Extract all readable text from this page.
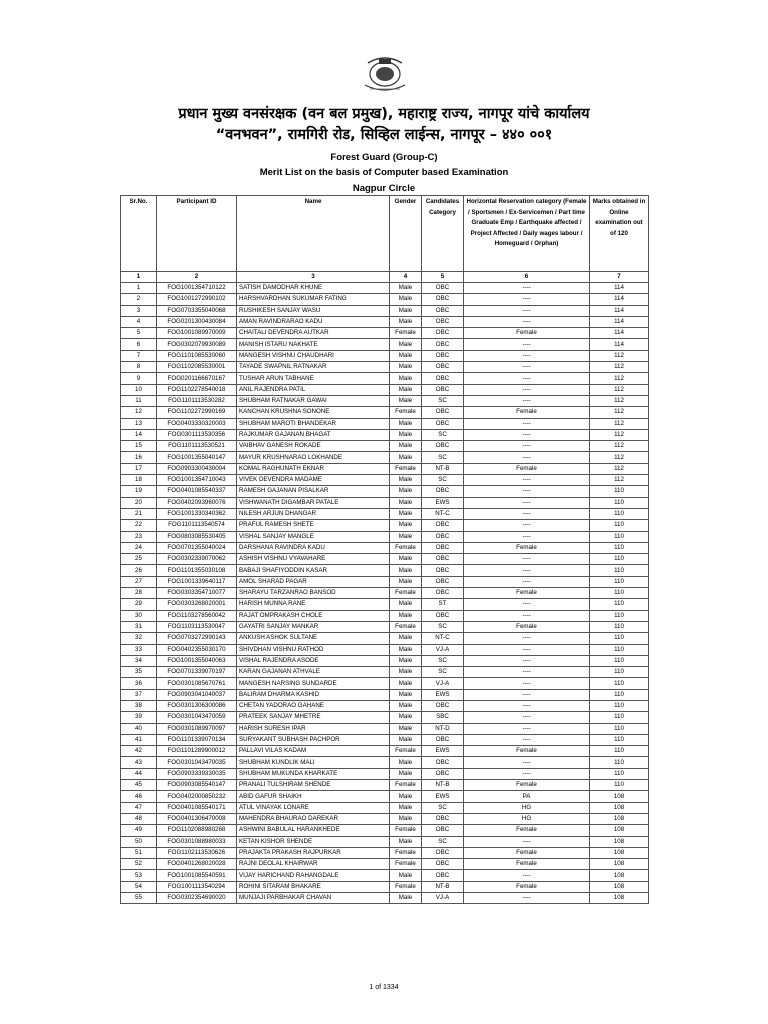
प्रधान मुख्य वनसंरक्षक (वन बल प्रमुख), महाराष्ट्र राज्य, नागपूर यांचे कार्यालय
“वनभवन”, रामगिरी रोड, सिव्हिल लाईन्स, नागपूर – ४४० ००१
Forest Guard (Group-C)
Merit List on the basis of Computer based Examination
Nagpur Circle
Sr.No.	Participant ID	Name	Gender	Candidates Category	Horizontal Reservation category (Female / Sportsmen / Ex-Servicemen / Part time Graduate Emp / Earthquake affected / Project Affected / Daily wages labour / Homeguard / Orphan)	Marks obtained in Online examination out of 120
1	2	3	4	5	6	7
1	FOG1001354710122	SATISH DAMODHAR KHUNE	Male	OBC	----	114
2	FOG1001272990102	HARSHVARDHAN SUKUMAR FATING	Male	OBC	----	114
3	FOG0703355040068	RUSHIKESH SANJAY WASU	Male	OBC	----	114
4	FOG0201300430084	AMAN RAVINDRARAO KADU	Male	OBC	----	114
5	FOG1001089970009	CHAITALI DEVENDRA AUTKAR	Female	OBC	Female	114
6	FOG0302079930089	MANISH ISTARU NAKHATE	Male	OBC	----	114
7	FOG1101085530060	MANGESH VISHNU CHAUDHARI	Male	OBC	----	112
8	FOG1102085530001	TAYADE SWAPNIL RATNAKAR	Male	OBC	----	112
9	FOG0201166670167	TUSHAR ARUN TABHANE	Male	OBC	----	112
10	FOG1102278540018	ANIL RAJENDRA PATIL	Male	OBC	----	112
11	FOG1101113530282	SHUBHAM RATNAKAR GAWAI	Male	SC	----	112
12	FOG1102272990169	KANCHAN KRUSHNA SONONE	Female	OBC	Female	112
13	FOG0403330320003	SHUBHAM MAROTI BHANDEKAR	Male	OBC	----	112
14	FOG0301113530356	RAJKUMAR GAJANAN BHAGAT	Male	SC	----	112
15	FOG1101113530521	VAIBHAV GANESH ROKADE	Male	OBC	----	112
16	FOG1001355040147	MAYUR KRUSHNARAO LOKHANDE	Male	SC	----	112
17	FOG0903300430004	KOMAL RAGHUNATH EKNAR	Female	NT-B	Female	112
18	FOG1001354710043	VIVEK DEVENDRA MADAME	Male	SC	----	112
19	FOG0401085540337	RAMESH GAJANAN PISALKAR	Male	OBC	----	110
20	FOG0402093960076	VISHWANATH DIGAMBAR PATALE	Male	EWS	----	110
21	FOG1001330340362	NILESH ARJUN DHANGAR	Male	NT-C	----	110
22	FOG1101113540574	PRAFUL RAMESH SHETE	Male	OBC	----	110
23	FOG0803085530405	VISHAL SANJAY MANGLE	Male	OBC	----	110
24	FOG0701355040024	DARSHANA RAVINDRA KADU	Female	OBC	Female	110
25	FOG0302339070062	ASHISH VISHNU VYAVAHARE	Male	OBC	----	110
26	FOG1101355030108	BABAJI SHAFIYODDIN KASAR	Male	OBC	----	110
27	FOG1001339640117	AMOL SHARAD PAGAR	Male	OBC	----	110
28	FOG0303354710077	SHARAYU TARZANRAO BANSOD	Female	OBC	Female	110
29	FOG0303268020001	HARISH MUNNA RANE	Male	ST	----	110
30	FOG1103278560042	RAJAT OMPRAKASH CHOLE	Male	OBC	----	110
31	FOG1103113530047	GAYATRI SANJAY MANKAR	Female	SC	Female	110
32	FOG0703272990143	ANKUSH ASHOK SULTANE	Male	NT-C	----	110
33	FOG0402355030170	SHIVDHAN VISHNU RATHOD	Male	VJ-A	----	110
34	FOG1001355040063	VISHAL RAJENDRA ASODE	Male	SC	----	110
35	FOG0701339070197	KARAN GAJANAN ATHVALE	Male	SC	----	110
36	FOG0301085670761	MANGESH NARSING SUNDARDE	Male	VJ-A	----	110
37	FOG0903041040037	BALIRAM DHARMA KASHID	Male	EWS	----	110
38	FOG0301306300086	CHETAN YADORAO GAHANE	Male	OBC	----	110
39	FOG0301043470059	PRATEEK SANJAY MHETRE	Male	SBC	----	110
40	FOG0301089970097	HARISH SURESH IPAR	Male	NT-D	----	110
41	FOG1101339070134	SURYAKANT SUBHASH PACHPOR	Male	OBC	----	110
42	FOG1101289900012	PALLAVI VILAS KADAM	Female	EWS	Female	110
43	FOG0301043470035	SHUBHAM KUNDLIK MALI	Male	OBC	----	110
44	FOG0903339330035	SHUBHAM MUKUNDA KHARKATE	Male	OBC	----	110
45	FOG0903085540147	PRANALI TULSHIRAM SHENDE	Female	NT-B	Female	110
46	FOG0402000850232	ABID GAFUR SHAIKH	Male	EWS	PA	108
47	FOG0401085540171	ATUL VINAYAK LONARE	Male	SC	HG	108
48	FOG0401306470008	MAHENDRA BHAURAO DAREKAR	Male	OBC	HG	108
49	FOG1102088980268	ASHWINI BABULAL HARANKHEDE	Female	OBC	Female	108
50	FOG0301088980033	KETAN KISHOR SHENDE	Male	SC	----	108
51	FOG1102113530626	PRAJAKTA PRAKASH RAJPURKAR	Female	OBC	Female	108
52	FOG0401268020028	RAJNI DEOLAL KHAIRWAR	Female	OBC	Female	108
53	FOG1001085540591	VIJAY HARICHAND RAHANGDALE	Male	OBC	----	108
54	FOG1001113540294	ROHINI SITARAM BHAKARE	Female	NT-B	Female	108
55	FOG0302354690020	MUNJAJI PARBHAKAR CHAVAN	Male	VJ-A	----	108
1 of 1334
